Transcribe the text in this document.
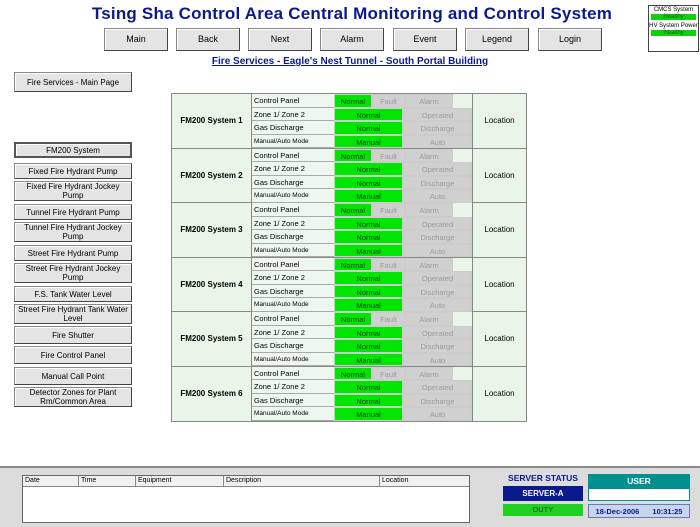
Tsing Sha Control Area Central Monitoring and Control System	CMCS System
Healthy
HV System Power
Healthy
Main	Back	Next	Alarm	Event	Legend	Login
Fire Services - Eagle's Nest Tunnel - South Portal Building
Fire Services - Main Page
FM200 System
Fixed Fire Hydrant Pump
Fixed Fire Hydrant Jockey Pump
Tunnel Fire Hydrant Pump
Tunnel Fire Hydrant Jockey Pump
Street Fire Hydrant Pump
Street Fire Hydrant Jockey Pump
F.S. Tank Water Level
Street Fire Hydrant Tank Water Level
Fire Shutter
Fire Control Panel
Manual Call Point
Detector Zones for Plant Rm/Common Area
FM200 System 1
Control Panel	Normal	Fault	Alarm
Zone 1/ Zone 2	Normal	Operated
Gas Discharge	Normal	Discharge
Manual/Auto Mode	Manual	Auto
Location
FM200 System 2
Control Panel	Normal	Fault	Alarm
Zone 1/ Zone 2	Normal	Operated
Gas Discharge	Normal	Discharge
Manual/Auto Mode	Manual	Auto
Location
FM200 System 3
Control Panel	Normal	Fault	Alarm
Zone 1/ Zone 2	Normal	Operated
Gas Discharge	Normal	Discharge
Manual/Auto Mode	Manual	Auto
Location
FM200 System 4
Control Panel	Normal	Fault	Alarm
Zone 1/ Zone 2	Normal	Operated
Gas Discharge	Normal	Discharge
Manual/Auto Mode	Manual	Auto
Location
FM200 System 5
Control Panel	Normal	Fault	Alarm
Zone 1/ Zone 2	Normal	Operated
Gas Discharge	Normal	Discharge
Manual/Auto Mode	Manual	Auto
Location
FM200 System 6
Control Panel	Normal	Fault	Alarm
Zone 1/ Zone 2	Normal	Operated
Gas Discharge	Normal	Discharge
Manual/Auto Mode	Manual	Auto
Location
Date	Time	Equipment	Description	Location	SERVER STATUS
SERVER-A
DUTY
USER
18-Dec-2006 10:31:25
